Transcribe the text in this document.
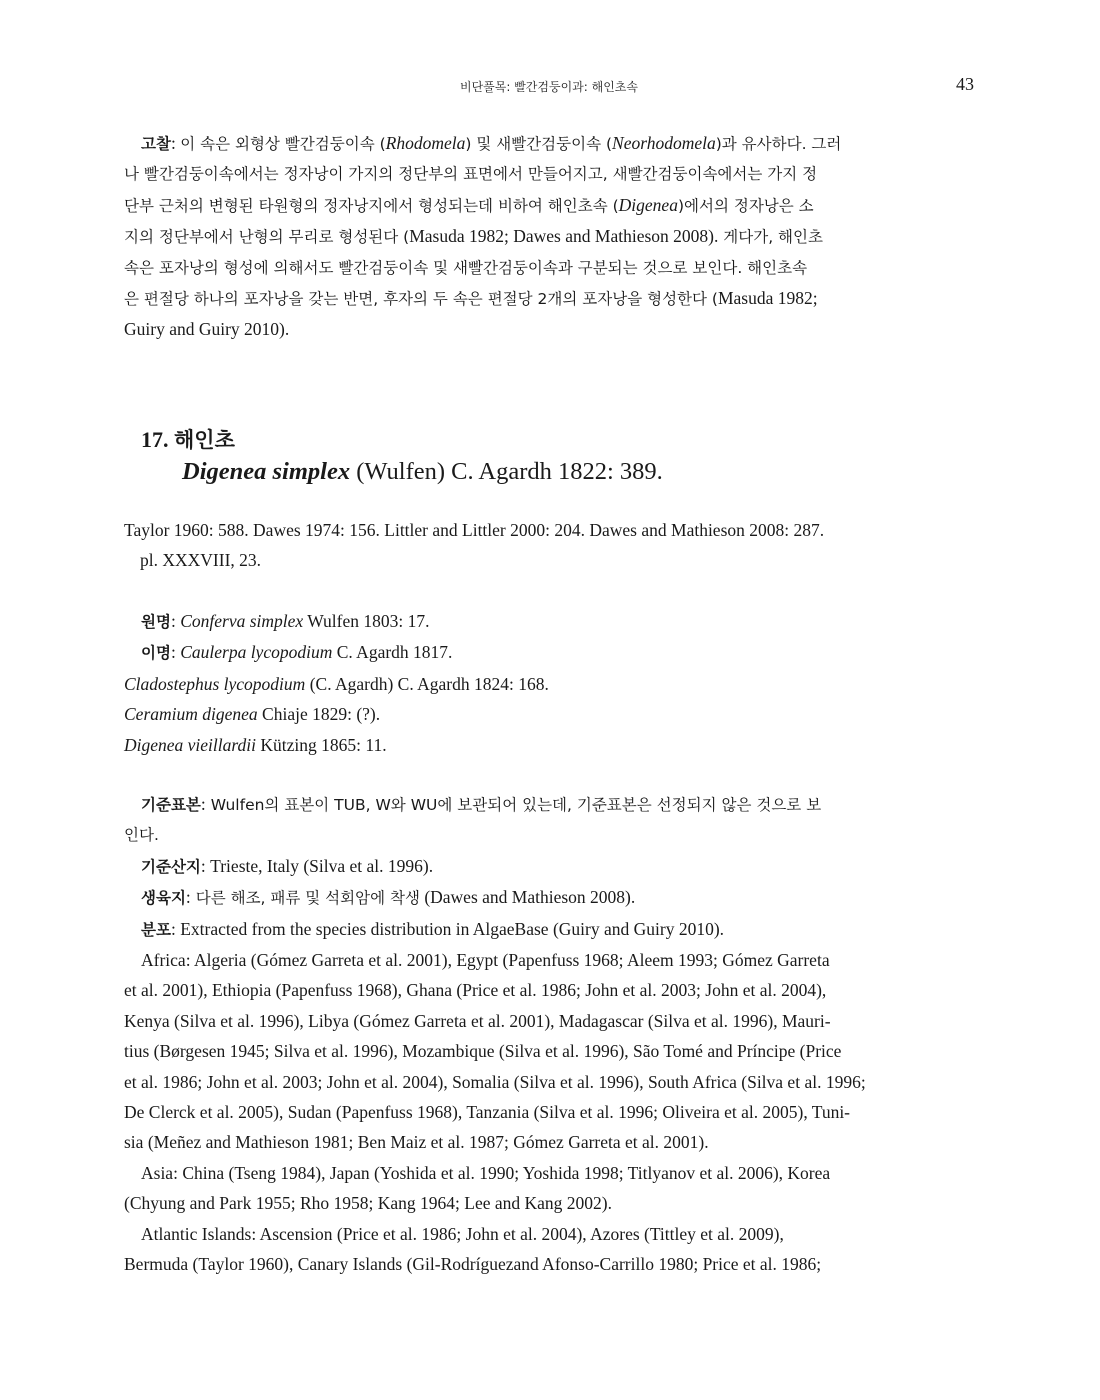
비단풀목: 빨간검둥이과: 해인초속	43
고찰: 이 속은 외형상 빨간검둥이속 (Rhodomela) 및 새빨간검둥이속 (Neorhodomela)과 유사하다. 그러
나 빨간검둥이속에서는 정자낭이 가지의 정단부의 표면에서 만들어지고, 새빨간검둥이속에서는 가지 정
단부 근처의 변형된 타원형의 정자낭지에서 형성되는데 비하여 해인초속 (Digenea)에서의 정자낭은 소
지의 정단부에서 난형의 무리로 형성된다 (Masuda 1982; Dawes and Mathieson 2008). 게다가, 해인초
속은 포자낭의 형성에 의해서도 빨간검둥이속 및 새빨간검둥이속과 구분되는 것으로 보인다. 해인초속
은 편절당 하나의 포자낭을 갖는 반면, 후자의 두 속은 편절당 2개의 포자낭을 형성한다 (Masuda 1982;
Guiry and Guiry 2010).
17. 해인초
Digenea simplex (Wulfen) C. Agardh 1822: 389.
Taylor 1960: 588. Dawes 1974: 156. Littler and Littler 2000: 204. Dawes and Mathieson 2008: 287.
pl. XXXVIII, 23.
원명: Conferva simplex Wulfen 1803: 17.
이명: Caulerpa lycopodium C. Agardh 1817.
Cladostephus lycopodium (C. Agardh) C. Agardh 1824: 168.
Ceramium digenea Chiaje 1829: (?).
Digenea vieillardii Kützing 1865: 11.
기준표본: Wulfen의 표본이 TUB, W와 WU에 보관되어 있는데, 기준표본은 선정되지 않은 것으로 보
인다.
기준산지: Trieste, Italy (Silva et al. 1996).
생육지: 다른 해조, 패류 및 석회암에 착생 (Dawes and Mathieson 2008).
분포: Extracted from the species distribution in AlgaeBase (Guiry and Guiry 2010).
Africa: Algeria (Gómez Garreta et al. 2001), Egypt (Papenfuss 1968; Aleem 1993; Gómez Garreta
et al. 2001), Ethiopia (Papenfuss 1968), Ghana (Price et al. 1986; John et al. 2003; John et al. 2004),
Kenya (Silva et al. 1996), Libya (Gómez Garreta et al. 2001), Madagascar (Silva et al. 1996), Mauri-
tius (Børgesen 1945; Silva et al. 1996), Mozambique (Silva et al. 1996), São Tomé and Príncipe (Price
et al. 1986; John et al. 2003; John et al. 2004), Somalia (Silva et al. 1996), South Africa (Silva et al. 1996;
De Clerck et al. 2005), Sudan (Papenfuss 1968), Tanzania (Silva et al. 1996; Oliveira et al. 2005), Tuni-
sia (Meñez and Mathieson 1981; Ben Maiz et al. 1987; Gómez Garreta et al. 2001).
Asia: China (Tseng 1984), Japan (Yoshida et al. 1990; Yoshida 1998; Titlyanov et al. 2006), Korea
(Chyung and Park 1955; Rho 1958; Kang 1964; Lee and Kang 2002).
Atlantic Islands: Ascension (Price et al. 1986; John et al. 2004), Azores (Tittley et al. 2009),
Bermuda (Taylor 1960), Canary Islands (Gil-Rodríguezand Afonso-Carrillo 1980; Price et al. 1986;
